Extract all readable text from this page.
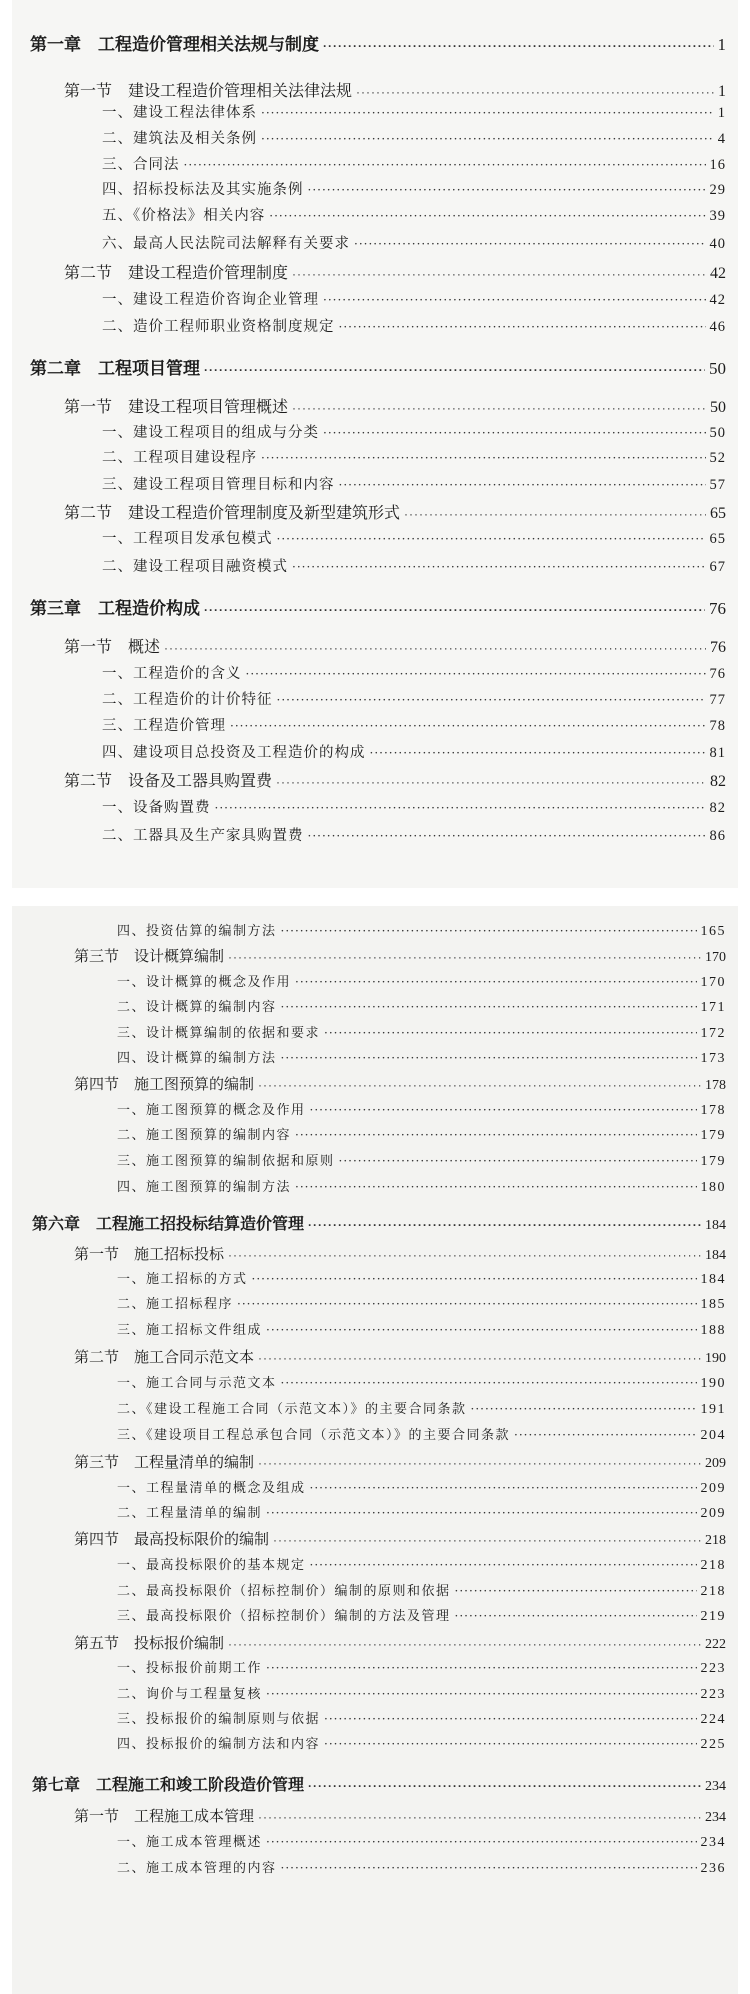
第一章　工程造价管理相关法规与制度 ·····	1
第一节　建设工程造价管理相关法律法规 ·····	1
一、建设工程法律体系 ·····	1
二、建筑法及相关条例 ·····	4
三、合同法 ·····	16
四、招标投标法及其实施条例 ·····	29
五、《价格法》相关内容 ·····	39
六、最高人民法院司法解释有关要求 ·····	40
第二节　建设工程造价管理制度 ·····	42
一、建设工程造价咨询企业管理 ·····	42
二、造价工程师职业资格制度规定 ·····	46
第二章　工程项目管理 ·····	50
第一节　建设工程项目管理概述 ·····	50
一、建设工程项目的组成与分类 ·····	50
二、工程项目建设程序 ·····	52
三、建设工程项目管理目标和内容 ·····	57
第二节　建设工程造价管理制度及新型建筑形式 ·····	65
一、工程项目发承包模式 ·····	65
二、建设工程项目融资模式 ·····	67
第三章　工程造价构成 ·····	76
第一节　概述 ·····	76
一、工程造价的含义 ·····	76
二、工程造价的计价特征 ·····	77
三、工程造价管理 ·····	78
四、建设项目总投资及工程造价的构成 ·····	81
第二节　设备及工器具购置费 ·····	82
一、设备购置费 ·····	82
二、工器具及生产家具购置费 ·····	86
四、投资估算的编制方法 ·····	165
第三节　设计概算编制 ·····	170
一、设计概算的概念及作用 ·····	170
二、设计概算的编制内容 ·····	171
三、设计概算编制的依据和要求 ·····	172
四、设计概算的编制方法 ·····	173
第四节　施工图预算的编制 ·····	178
一、施工图预算的概念及作用 ·····	178
二、施工图预算的编制内容 ·····	179
三、施工图预算的编制依据和原则 ·····	179
四、施工图预算的编制方法 ·····	180
第六章　工程施工招投标结算造价管理 ·····	184
第一节　施工招标投标 ·····	184
一、施工招标的方式 ·····	184
二、施工招标程序 ·····	185
三、施工招标文件组成 ·····	188
第二节　施工合同示范文本 ·····	190
一、施工合同与示范文本 ·····	190
二、《建设工程施工合同（示范文本）》的主要合同条款 ·····	191
三、《建设项目工程总承包合同（示范文本）》的主要合同条款 ·····	204
第三节　工程量清单的编制 ·····	209
一、工程量清单的概念及组成 ·····	209
二、工程量清单的编制 ·····	209
第四节　最高投标限价的编制 ·····	218
一、最高投标限价的基本规定 ·····	218
二、最高投标限价（招标控制价）编制的原则和依据 ·····	218
三、最高投标限价（招标控制价）编制的方法及管理 ·····	219
第五节　投标报价编制 ·····	222
一、投标报价前期工作 ·····	223
二、询价与工程量复核 ·····	223
三、投标报价的编制原则与依据 ·····	224
四、投标报价的编制方法和内容 ·····	225
第七章　工程施工和竣工阶段造价管理 ·····	234
第一节　工程施工成本管理 ·····	234
一、施工成本管理概述 ·····	234
二、施工成本管理的内容 ·····	236
